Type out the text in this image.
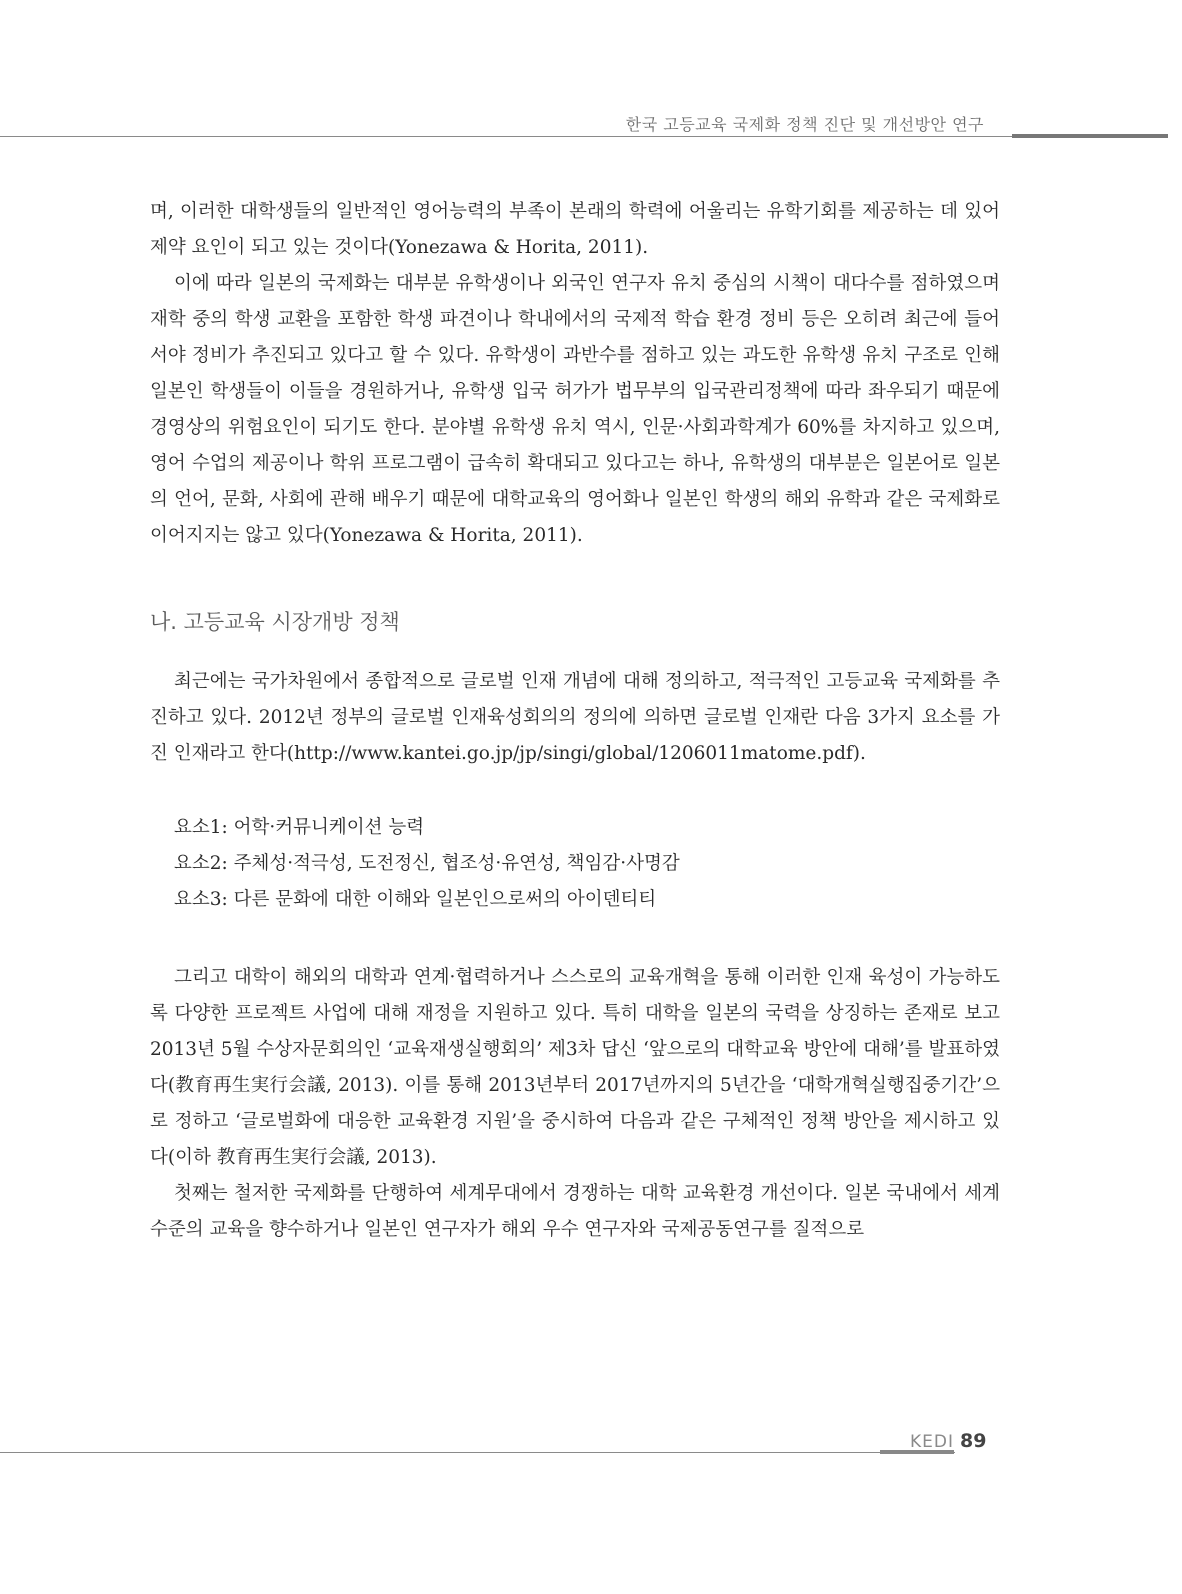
한국 고등교육 국제화 정책 진단 및 개선방안 연구

며, 이러한 대학생들의 일반적인 영어능력의 부족이 본래의 학력에 어울리는 유학기회를 제공하는 데 있어 제약 요인이 되고 있는 것이다(Yonezawa & Horita, 2011).

이에 따라 일본의 국제화는 대부분 유학생이나 외국인 연구자 유치 중심의 시책이 대다수를 점하였으며 재학 중의 학생 교환을 포함한 학생 파견이나 학내에서의 국제적 학습 환경 정비 등은 오히려 최근에 들어서야 정비가 추진되고 있다고 할 수 있다. 유학생이 과반수를 점하고 있는 과도한 유학생 유치 구조로 인해 일본인 학생들이 이들을 경원하거나, 유학생 입국 허가가 법무부의 입국관리정책에 따라 좌우되기 때문에 경영상의 위험요인이 되기도 한다. 분야별 유학생 유치 역시, 인문·사회과학계가 60%를 차지하고 있으며, 영어 수업의 제공이나 학위 프로그램이 급속히 확대되고 있다고는 하나, 유학생의 대부분은 일본어로 일본의 언어, 문화, 사회에 관해 배우기 때문에 대학교육의 영어화나 일본인 학생의 해외 유학과 같은 국제화로 이어지지는 않고 있다(Yonezawa & Horita, 2011).

나. 고등교육 시장개방 정책

최근에는 국가차원에서 종합적으로 글로벌 인재 개념에 대해 정의하고, 적극적인 고등교육 국제화를 추진하고 있다. 2012년 정부의 글로벌 인재육성회의의 정의에 의하면 글로벌 인재란 다음 3가지 요소를 가진 인재라고 한다(http://www.kantei.go.jp/jp/singi/global/1206011matome.pdf).

요소1: 어학·커뮤니케이션 능력
요소2: 주체성·적극성, 도전정신, 협조성·유연성, 책임감·사명감
요소3: 다른 문화에 대한 이해와 일본인으로써의 아이덴티티

그리고 대학이 해외의 대학과 연계·협력하거나 스스로의 교육개혁을 통해 이러한 인재 육성이 가능하도록 다양한 프로젝트 사업에 대해 재정을 지원하고 있다. 특히 대학을 일본의 국력을 상징하는 존재로 보고 2013년 5월 수상자문회의인 ‘교육재생실행회의’ 제3차 답신 ‘앞으로의 대학교육 방안에 대해’를 발표하였다(教育再生実行会議, 2013). 이를 통해 2013년부터 2017년까지의 5년간을 ‘대학개혁실행집중기간’으로 정하고 ‘글로벌화에 대응한 교육환경 지원’을 중시하여 다음과 같은 구체적인 정책 방안을 제시하고 있다(이하 教育再生実行会議, 2013).

첫째는 철저한 국제화를 단행하여 세계무대에서 경쟁하는 대학 교육환경 개선이다. 일본 국내에서 세계 수준의 교육을 향수하거나 일본인 연구자가 해외 우수 연구자와 국제공동연구를 질적으로

KEDI 89
